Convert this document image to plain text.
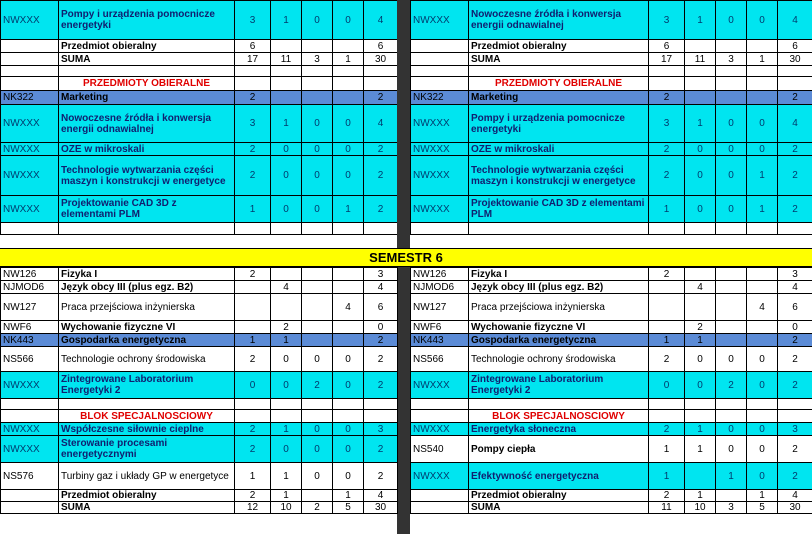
NWXXX	Pompy i urządzenia pomocnicze energetyki	3	1	0	0	4
	Przedmiot obieralny	6				6
	SUMA	17	11	3	1	30

	PRZEDMIOTY OBIERALNE					
NK322	Marketing	2				2
NWXXX	Nowoczesne źródła i konwersja energii odnawialnej	3	1	0	0	4
NWXXX	OZE w mikroskali	2	0	0	0	2
NWXXX	Technologie wytwarzania części maszyn i konstrukcji w energetyce	2	0	0	0	2
NWXXX	Projektowanie CAD 3D z elementami PLM	1	0	0	1	2

NWXXX	Nowoczesne źródła i konwersja energii odnawialnej	3	1	0	0	4
	Przedmiot obieralny	6				6
	SUMA	17	11	3	1	30

	PRZEDMIOTY OBIERALNE					
NK322	Marketing	2				2
NWXXX	Pompy i urządzenia pomocnicze energetyki	3	1	0	0	4
NWXXX	OZE w mikroskali	2	0	0	0	2
NWXXX	Technologie wytwarzania części maszyn i konstrukcji w energetyce	2	0	0	1	2
NWXXX	Projektowanie CAD 3D z elementami PLM	1	0	0	1	2

SEMESTR 6
NW126	Fizyka I	2				3
NJMOD6	Język obcy III (plus egz. B2)		4			4
NW127	Praca przejściowa inżynierska				4	6
NWF6	Wychowanie fizyczne VI		2			0
NK443	Gospodarka energetyczna	1	1			2
NS566	Technologie ochrony środowiska	2	0	0	0	2
NWXXX	Zintegrowane Laboratorium Energetyki 2	0	0	2	0	2

	BLOK SPECJALNOSCIOWY					
NWXXX	Współczesne siłownie cieplne	2	1	0	0	3
NWXXX	Sterowanie procesami energetycznymi	2	0	0	0	2
NS576	Turbiny gaz i układy GP w energetyce	1	1	0	0	2
	Przedmiot obieralny	2	1		1	4
	SUMA	12	10	2	5	30
NW126	Fizyka I	2				3
NJMOD6	Język obcy III (plus egz. B2)		4			4
NW127	Praca przejściowa inżynierska				4	6
NWF6	Wychowanie fizyczne VI		2			0
NK443	Gospodarka energetyczna	1	1			2
NS566	Technologie ochrony środowiska	2	0	0	0	2
NWXXX	Zintegrowane Laboratorium Energetyki 2	0	0	2	0	2

	BLOK SPECJALNOSCIOWY					
NWXXX	Energetyka słoneczna	2	1	0	0	3
NS540	Pompy ciepła	1	1	0	0	2
NWXXX	Efektywność energetyczna	1		1	0	2
	Przedmiot obieralny	2	1		1	4
	SUMA	11	10	3	5	30
